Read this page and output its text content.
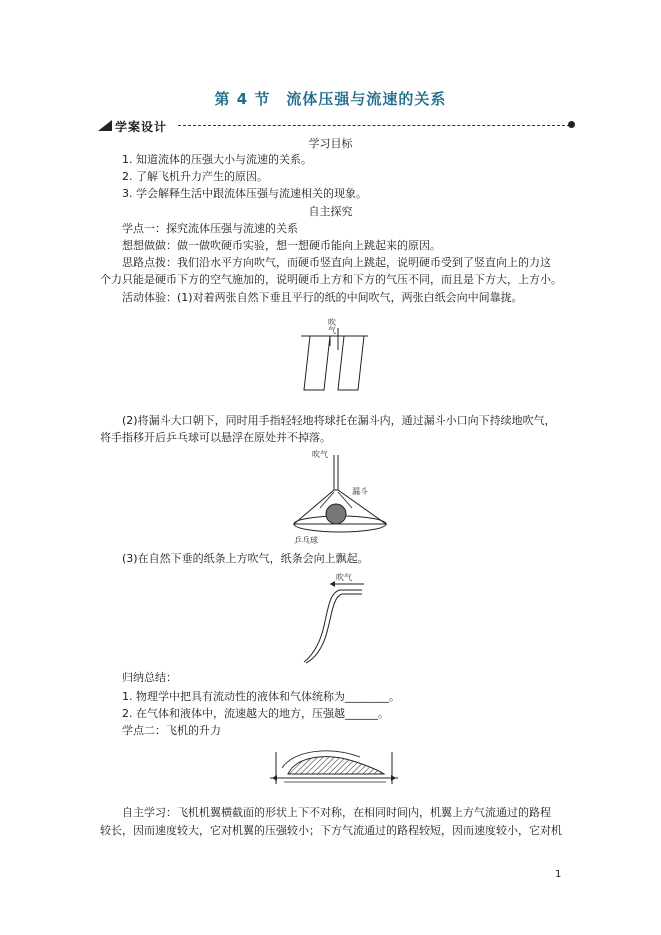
第 4 节　流体压强与流速的关系
学案设计
学习目标
1. 知道流体的压强大小与流速的关系。
2. 了解飞机升力产生的原因。
3. 学会解释生活中跟流体压强与流速相关的现象。
自主探究
学点一：探究流体压强与流速的关系
想想做做：做一做吹硬币实验，想一想硬币能向上跳起来的原因。
思路点拨：我们沿水平方向吹气，而硬币竖直向上跳起，说明硬币受到了竖直向上的力这
个力只能是硬币下方的空气施加的，说明硬币上方和下方的气压不同，而且是下方大，上方小。
活动体验：(1)对着两张自然下垂且平行的纸的中间吹气，两张白纸会向中间靠拢。
吹气
(2)将漏斗大口朝下，同时用手指轻轻地将球托在漏斗内，通过漏斗小口向下持续地吹气，
将手指移开后乒乓球可以悬浮在原处并不掉落。
吹气
漏斗
乒乓球
(3)在自然下垂的纸条上方吹气，纸条会向上飘起。
吹气
归纳总结：
1. 物理学中把具有流动性的液体和气体统称为________。
2. 在气体和液体中，流速越大的地方，压强越______。
学点二：飞机的升力
自主学习：飞机机翼横截面的形状上下不对称，在相同时间内，机翼上方气流通过的路程
较长，因而速度较大，它对机翼的压强较小；下方气流通过的路程较短，因而速度较小，它对机
1
